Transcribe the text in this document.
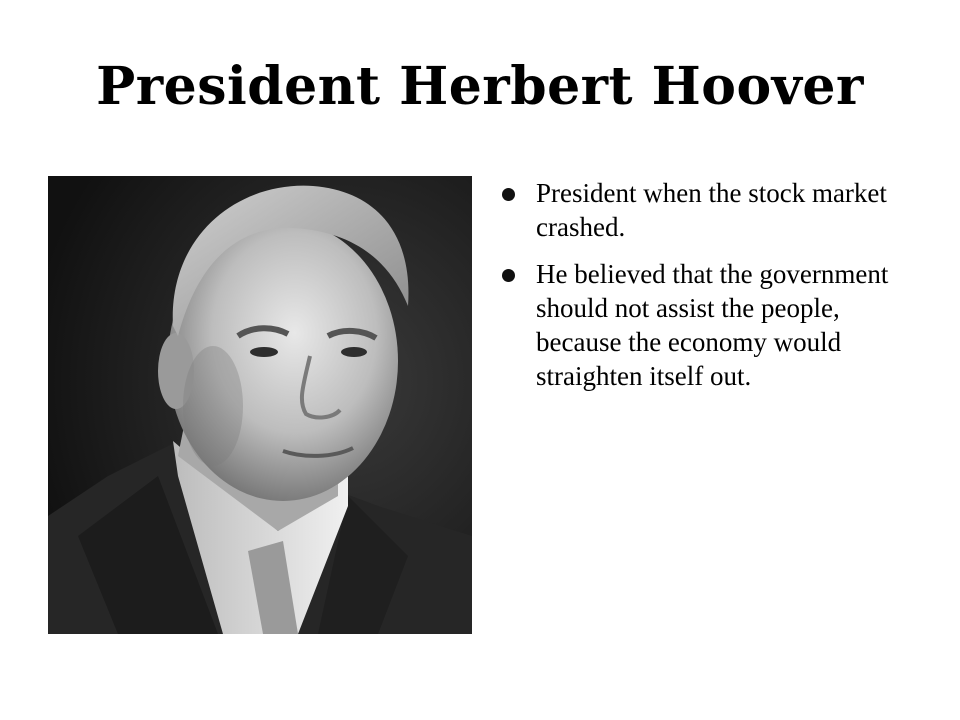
President Herbert Hoover
President when the stock market crashed.
He believed that the government should not assist the people, because the economy would straighten itself out.
